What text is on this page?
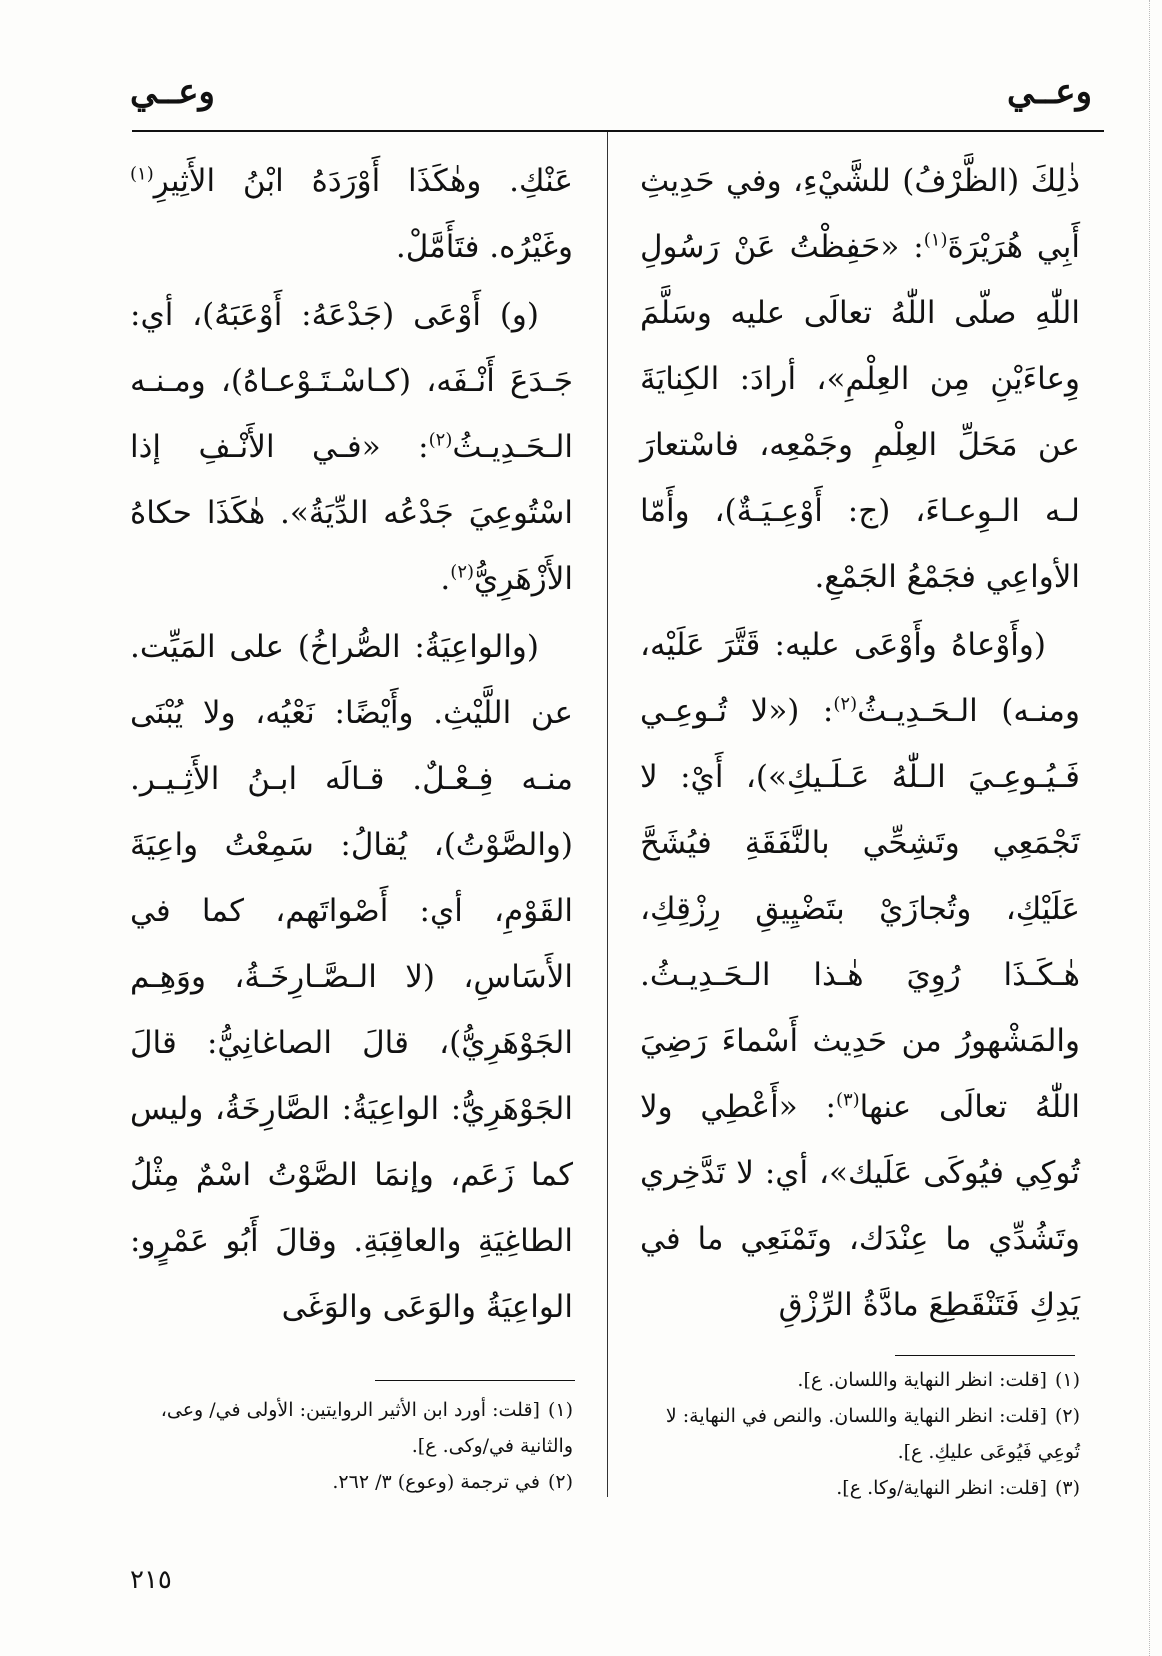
وعــي
وعــي

ذٰلِكَ (الظَّرْفُ) للشَّيْءِ، وفي حَدِيثِ أَبِي هُرَيْرَةَ$^{(١)}$: «حَفِظْتُ عَنْ رَسُولِ اللّٰهِ صلّى اللّٰهُ تعالَى عليه وسَلَّمَ وِعاءَيْنِ مِن العِلْمِ»، أرادَ: الكِنايَةَ عن مَحَلِّ العِلْمِ وجَمْعِه، فاسْتعارَ لـه الـوِعـاءَ، (ج: أَوْعِـيَـةٌ)، وأَمّا الأواعِي فجَمْعُ الجَمْعِ.

(وأَوْعاهُ وأَوْعَى عليه: قَتَّرَ عَلَيْه، ومنـه) الـحَـدِيـثُ$^{(٢)}$: («لا تُـوعِـي فَـيُـوعِـيَ الـلّٰهُ عَـلَـيكِ»)، أَيْ: لا تَجْمَعِي وتَشِحِّي بالنَّفَقَةِ فيُشَحَّ عَلَيْكِ، وتُجازَيْ بتَضْيِيقِ رِزْقِكِ، هٰـكَـذَا رُوِيَ هٰـذا الـحَـدِيـثُ. والمَشْهورُ من حَدِيث أَسْماءَ رَضِيَ اللّٰهُ تعالَى عنها$^{(٣)}$: «أَعْطِي ولا تُوكِي فيُوكَى عَلَيك»، أي: لا تَدَّخِري وتَشُدِّي ما عِنْدَك، وتَمْنَعِي ما في يَدِكِ فَتَنْقَطِعَ مادَّةُ الرِّزْقِ

عَنْكِ. وهٰكَذَا أَوْرَدَهُ ابْنُ الأَثِيرِ$^{(١)}$ وغَيْرُه. فتَأَمَّلْ.

(و) أَوْعَى (جَدْعَهُ: أَوْعَبَهُ)، أي: جَـدَعَ أَنْـفَه، (كـاسْـتَـوْعـاهُ)، ومـنـه الـحَـدِيـثُ$^{(٢)}$: «فـي الأَنْـفِ إذا اسْتُوعِيَ جَدْعُه الدِّيَةُ». هٰكَذَا حكاهُ الأَزْهَرِيُّ$^{(٢)}$.

(والواعِيَةُ: الصُّراخُ) على المَيِّت. عن اللَّيْثِ. وأَيْضًا: نَعْيُه، ولا يُبْنَى منـه فِـعْـلٌ. قـالَه ابـنُ الأَثِـيـر. (والصَّوْتُ)، يُقالُ: سَمِعْتُ واعِيَةَ القَوْمِ، أي: أَصْواتَهم، كما في الأَسَاسِ، (لا الـصَّـارِخَـةُ، ووَهِـم الجَوْهَرِيُّ)، قالَ الصاغانِيُّ: قالَ الجَوْهَرِيُّ: الواعِيَةُ: الصَّارِخَةُ، وليس كما زَعَم، وإنمَا الصَّوْتُ اسْمٌ مِثْلُ الطاغِيَةِ والعاقِبَةِ. وقالَ أَبُو عَمْرٍو: الواعِيَةُ والوَعَى والوَغَى

(١)[قلت: انظر النهاية واللسان. ع].

(٢)[قلت: انظر النهاية واللسان. والنص في النهاية: لا تُوعِي فَيُوعَى عليكِ. ع].

(٣)[قلت: انظر النهاية/وكا. ع].

(١)[قلت: أورد ابن الأثير الروايتين: الأولى في/ وعى، والثانية في/وكى. ع].

(٢)في ترجمة (وعوع) ٣/ ٢٦٢.

٢١٥
